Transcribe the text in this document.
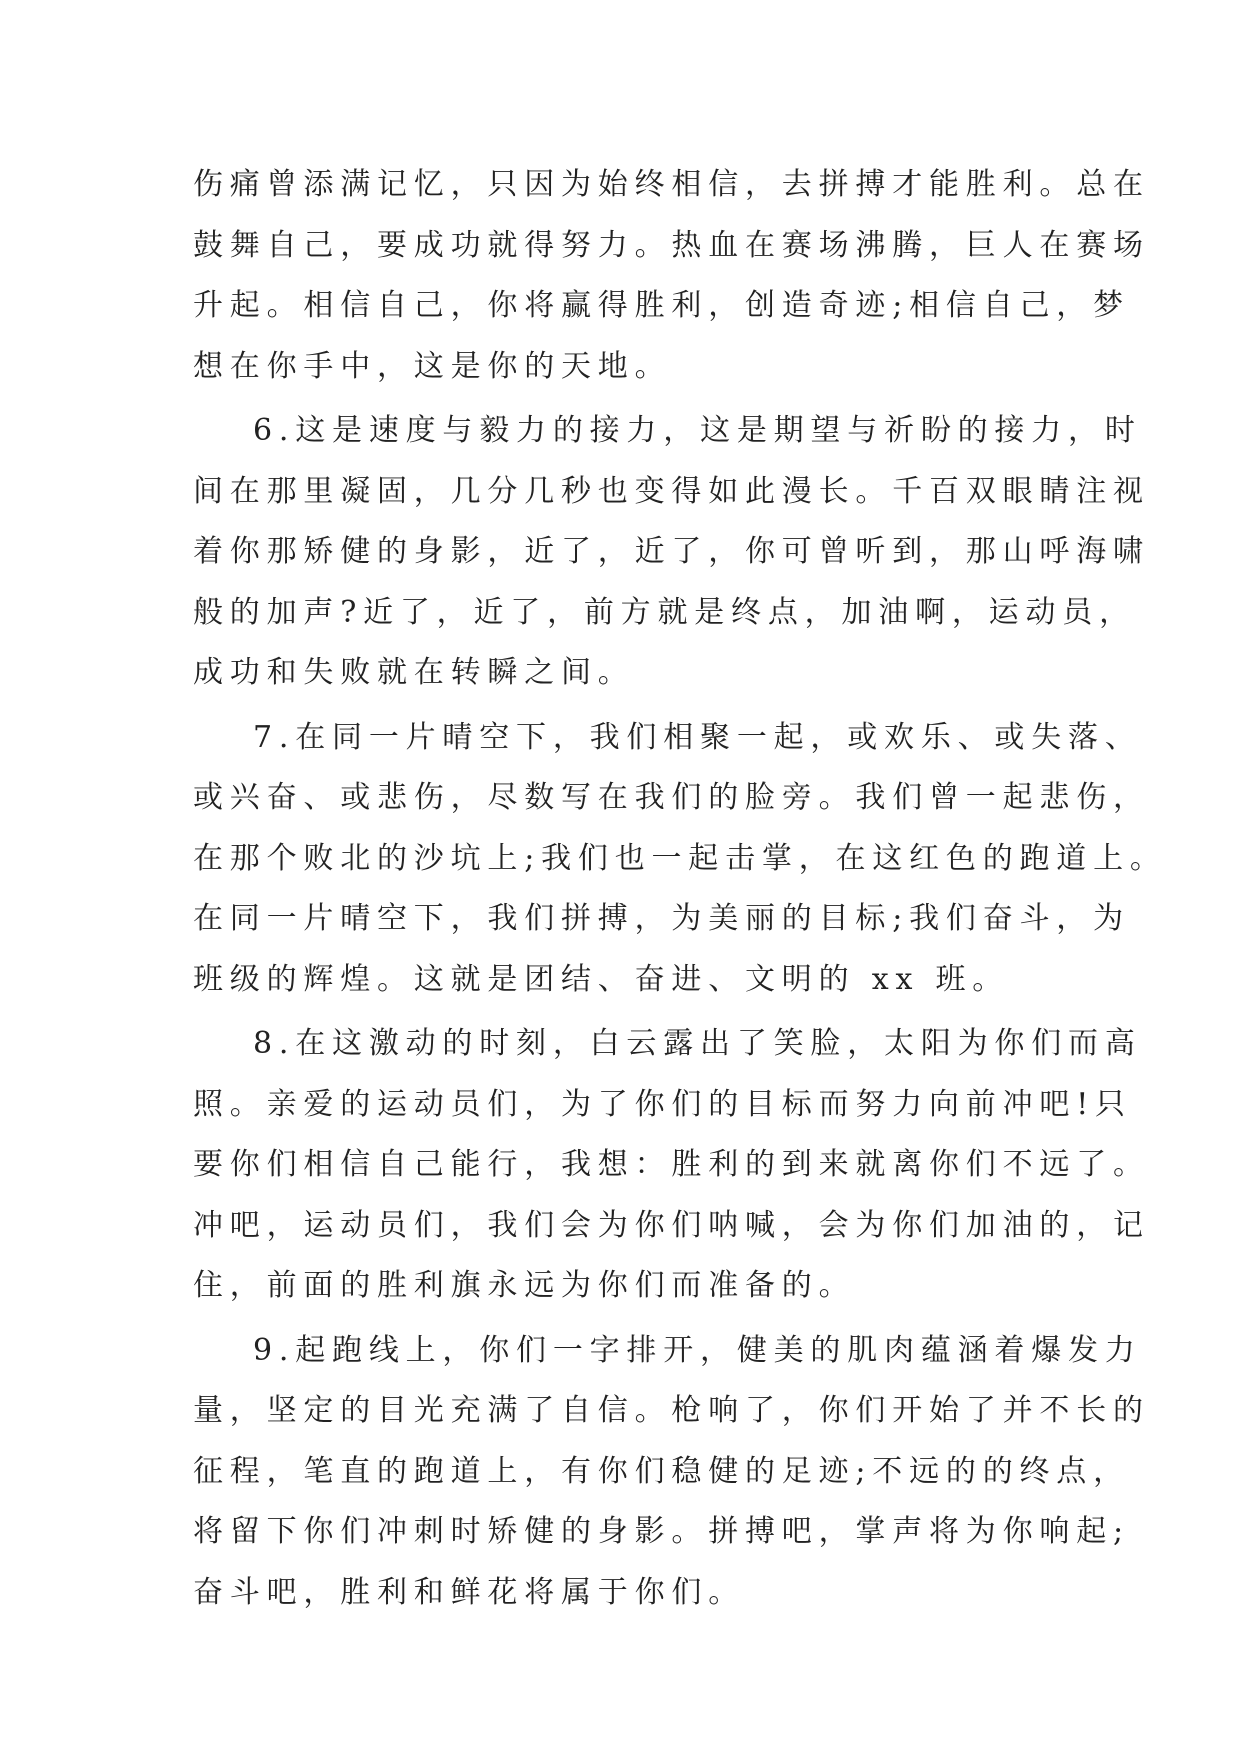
伤痛曾添满记忆，只因为始终相信，去拼搏才能胜利。总在
鼓舞自己，要成功就得努力。热血在赛场沸腾，巨人在赛场
升起。相信自己，你将赢得胜利，创造奇迹;相信自己，梦
想在你手中，这是你的天地。
6.这是速度与毅力的接力，这是期望与祈盼的接力，时
间在那里凝固，几分几秒也变得如此漫长。千百双眼睛注视
着你那矫健的身影，近了，近了，你可曾听到，那山呼海啸
般的加声?近了，近了，前方就是终点，加油啊，运动员，
成功和失败就在转瞬之间。
7.在同一片晴空下，我们相聚一起，或欢乐、或失落、
或兴奋、或悲伤，尽数写在我们的脸旁。我们曾一起悲伤，
在那个败北的沙坑上;我们也一起击掌，在这红色的跑道上。
在同一片晴空下，我们拼搏，为美丽的目标;我们奋斗，为
班级的辉煌。这就是团结、奋进、文明的 xx 班。
8.在这激动的时刻，白云露出了笑脸，太阳为你们而高
照。亲爱的运动员们，为了你们的目标而努力向前冲吧!只
要你们相信自己能行，我想：胜利的到来就离你们不远了。
冲吧，运动员们，我们会为你们呐喊，会为你们加油的，记
住，前面的胜利旗永远为你们而准备的。
9.起跑线上，你们一字排开，健美的肌肉蕴涵着爆发力
量，坚定的目光充满了自信。枪响了，你们开始了并不长的
征程，笔直的跑道上，有你们稳健的足迹;不远的的终点，
将留下你们冲刺时矫健的身影。拼搏吧，掌声将为你响起;
奋斗吧，胜利和鲜花将属于你们。
